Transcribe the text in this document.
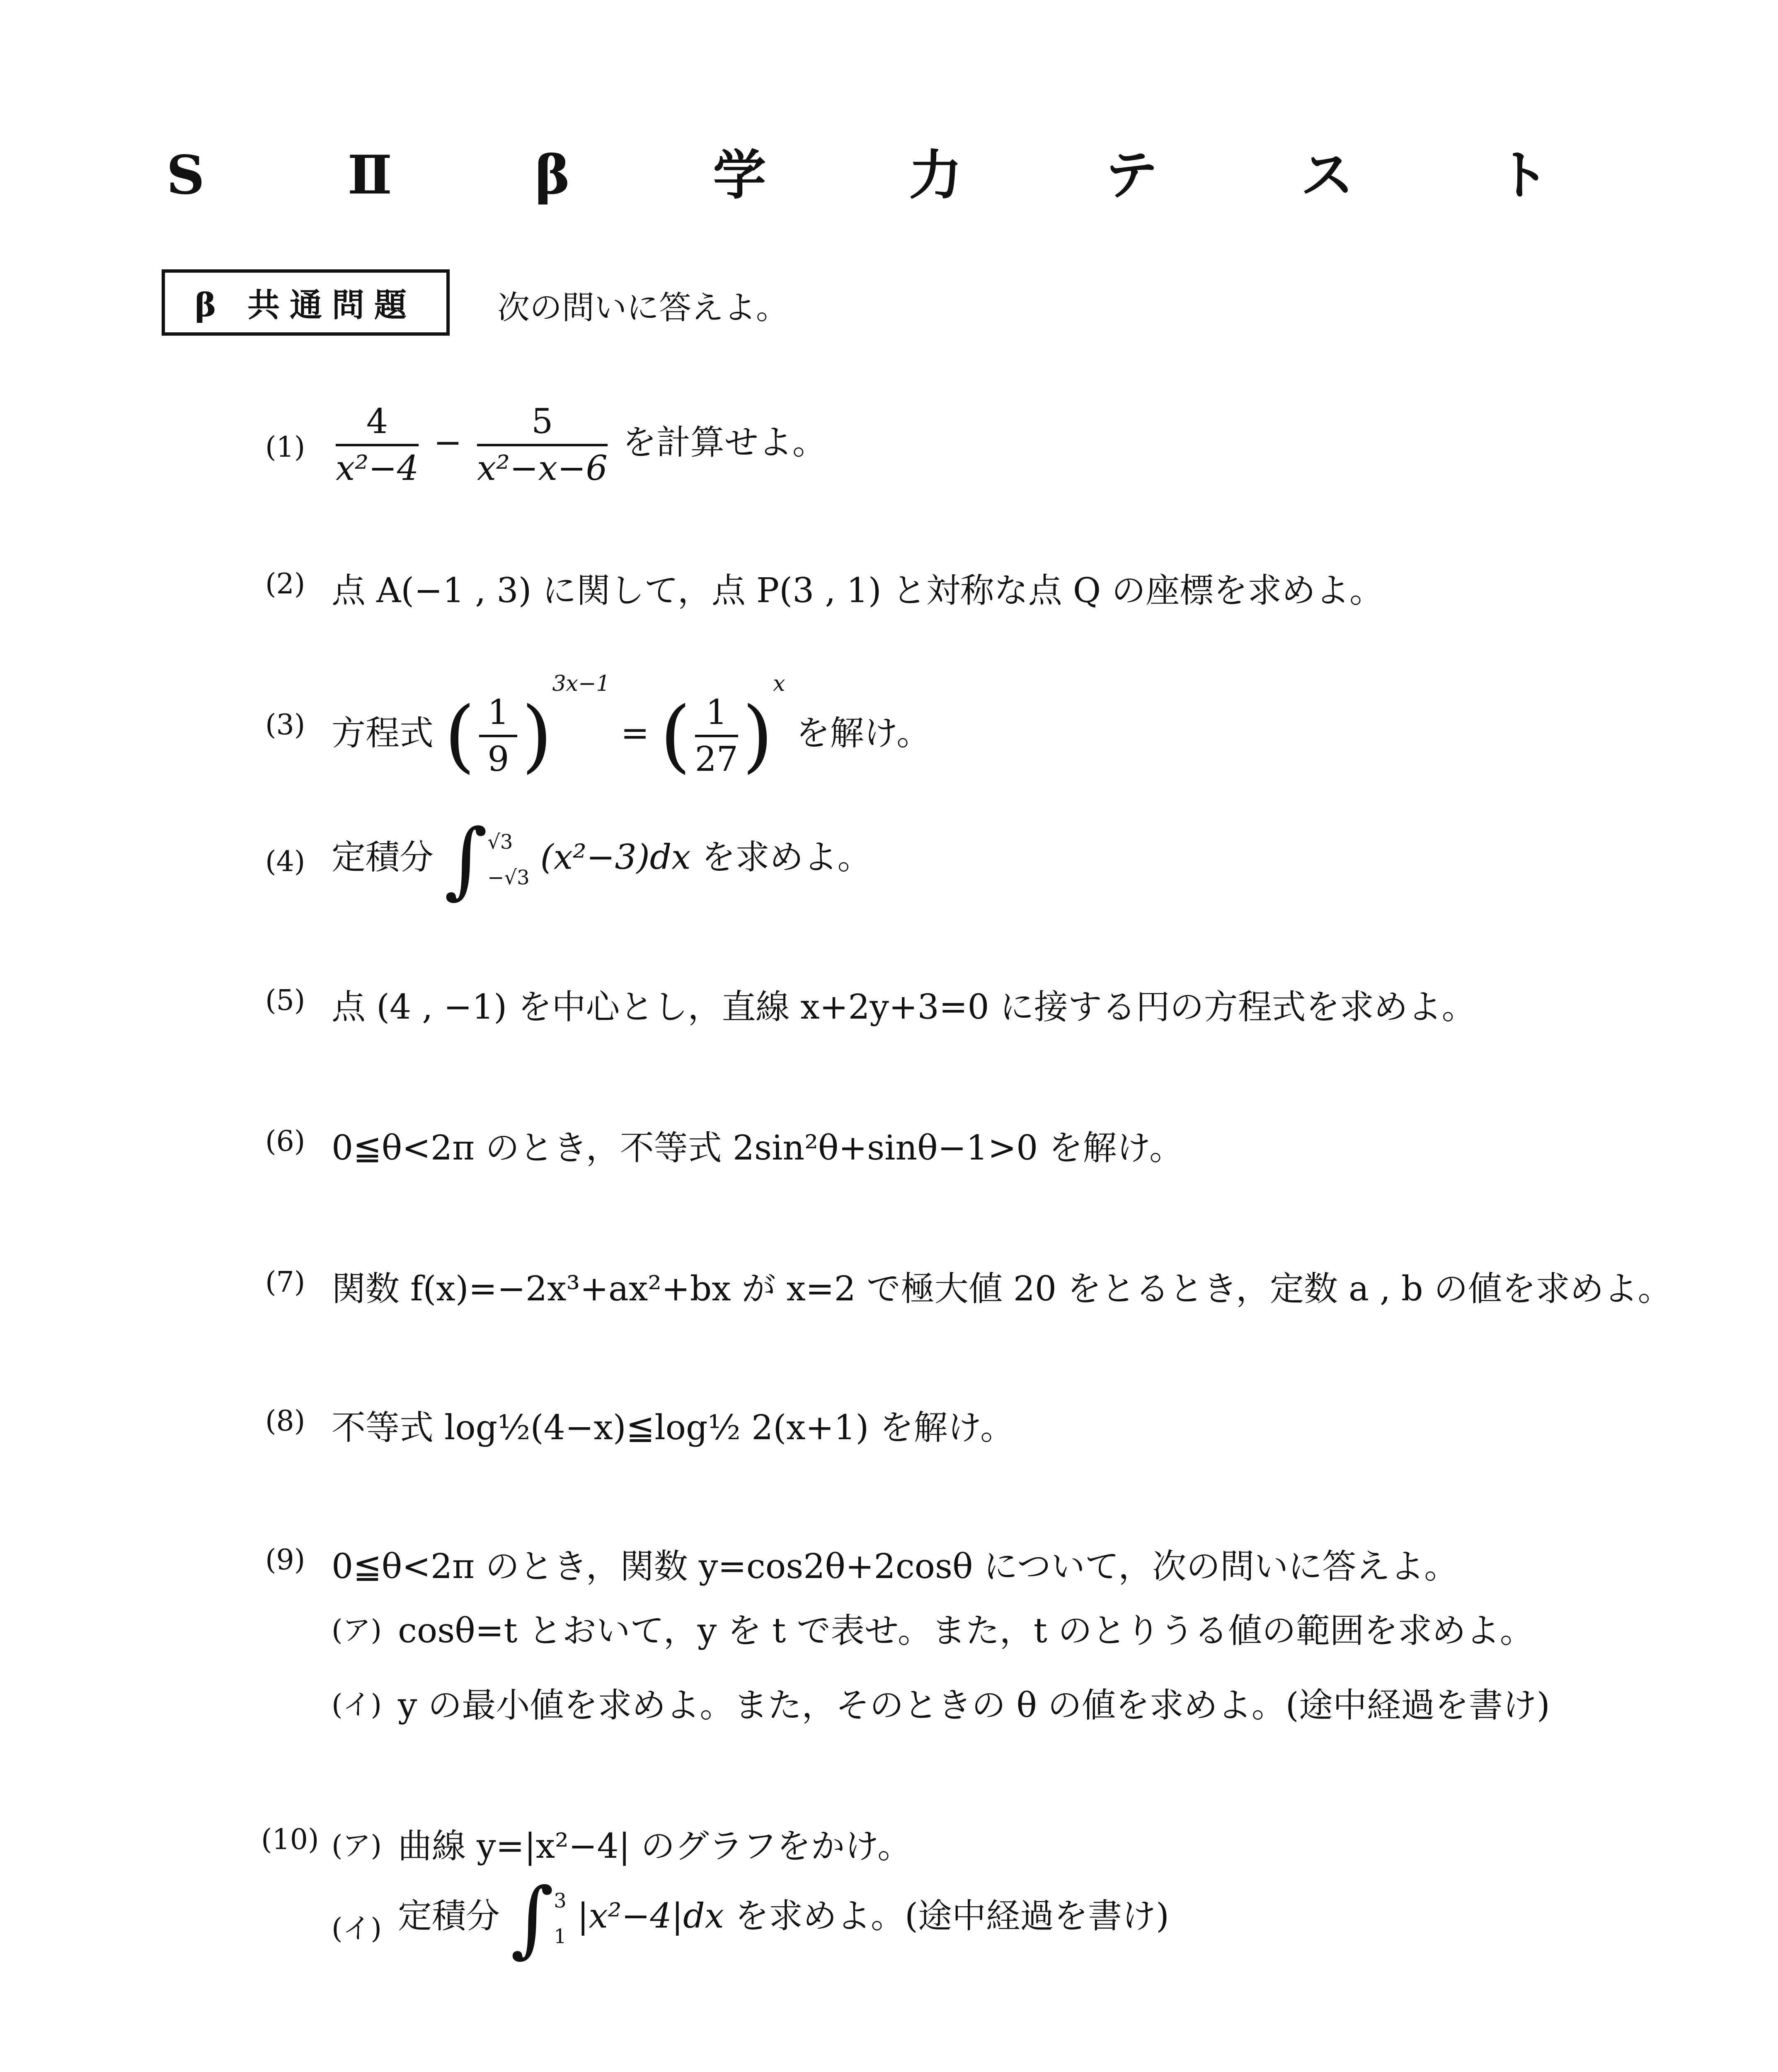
S Ⅱ β 学 力 テ ス ト
β 共通問題	次の問いに答えよ。
$(1) \frac{4}{\text{x²−4}} - \frac{5}{\text{x²−x−6}}$ を計算せよ。
(2) 点 A(−1 , 3) に関して，点 P(3 , 1) と対称な点 Q の座標を求めよ。
(3) 方程式 ( $\frac{1}{9} )^{3x-1}$ = ( $\frac{1}{27} )^x$ を解け。
(4) 定積分 ∫ √3
−√3
(x²−3)dx を求めよ。
(5) 点 (4 , −1) を中心とし，直線 x+2y+3=0 に接する円の方程式を求めよ。
(6) 0≦θ<2π のとき，不等式 2sin²θ+sinθ−1>0 を解け。
(7) 関数 f(x)=−2x³+ax²+bx が x=2 で極大値 20 をとるとき，定数 a , b の値を求めよ。
(8) 不等式 log½(4−x)≦log½ 2(x+1) を解け。
(9) 0≦θ<2π のとき，関数 y=cos2θ+2cosθ について，次の問いに答えよ。
(ア) cosθ=t とおいて，y を t で表せ。また，t のとりうる値の範囲を求めよ。
(イ) y の最小値を求めよ。また，そのときの θ の値を求めよ。(途中経過を書け)
(10) (ア) 曲線 y=|x²−4| のグラフをかけ。
(イ) 定積分 ∫ 3
1
|x²−4|dx を求めよ。(途中経過を書け)
